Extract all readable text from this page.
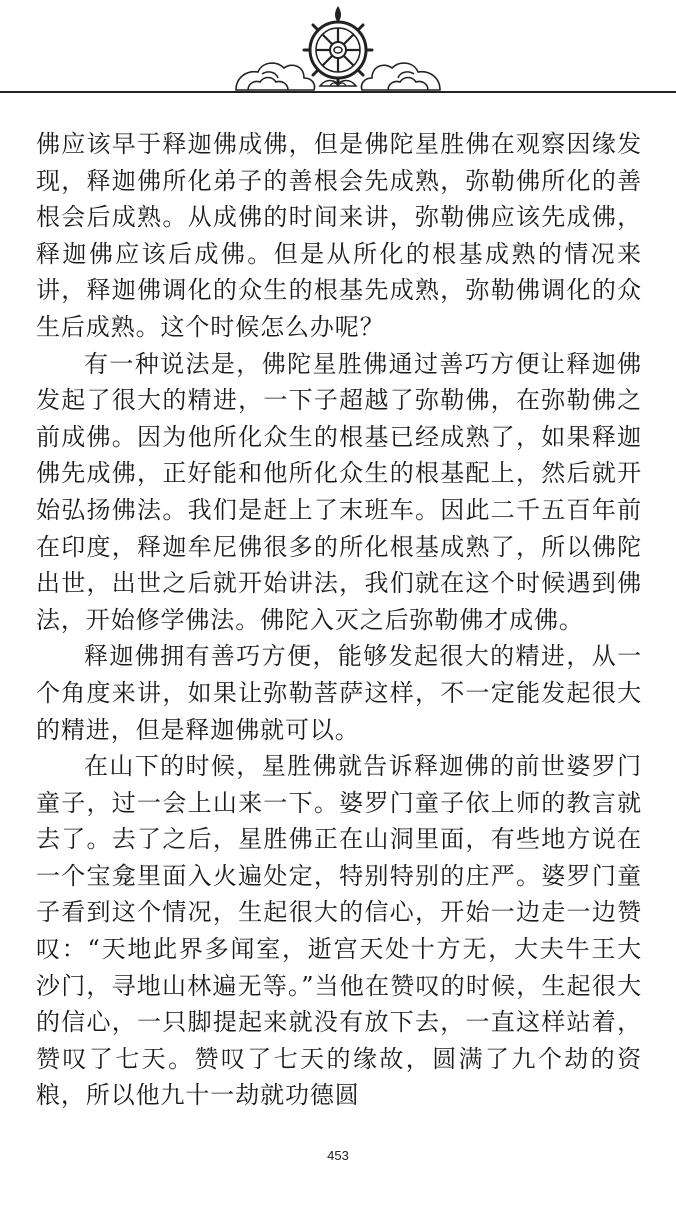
佛应该早于释迦佛成佛，但是佛陀星胜佛在观察因缘发现，释迦佛所化弟子的善根会先成熟，弥勒佛所化的善根会后成熟。从成佛的时间来讲，弥勒佛应该先成佛，释迦佛应该后成佛。但是从所化的根基成熟的情况来讲，释迦佛调化的众生的根基先成熟，弥勒佛调化的众生后成熟。这个时候怎么办呢？

有一种说法是，佛陀星胜佛通过善巧方便让释迦佛发起了很大的精进，一下子超越了弥勒佛，在弥勒佛之前成佛。因为他所化众生的根基已经成熟了，如果释迦佛先成佛，正好能和他所化众生的根基配上，然后就开始弘扬佛法。我们是赶上了末班车。因此二千五百年前在印度，释迦牟尼佛很多的所化根基成熟了，所以佛陀出世，出世之后就开始讲法，我们就在这个时候遇到佛法，开始修学佛法。佛陀入灭之后弥勒佛才成佛。

释迦佛拥有善巧方便，能够发起很大的精进，从一个角度来讲，如果让弥勒菩萨这样，不一定能发起很大的精进，但是释迦佛就可以。

在山下的时候，星胜佛就告诉释迦佛的前世婆罗门童子，过一会上山来一下。婆罗门童子依上师的教言就去了。去了之后，星胜佛正在山洞里面，有些地方说在一个宝龛里面入火遍处定，特别特别的庄严。婆罗门童子看到这个情况，生起很大的信心，开始一边走一边赞叹：“天地此界多闻室，逝宫天处十方无，大夫牛王大沙门，寻地山林遍无等。”当他在赞叹的时候，生起很大的信心，一只脚提起来就没有放下去，一直这样站着，赞叹了七天。赞叹了七天的缘故，圆满了九个劫的资粮，所以他九十一劫就功德圆

453
